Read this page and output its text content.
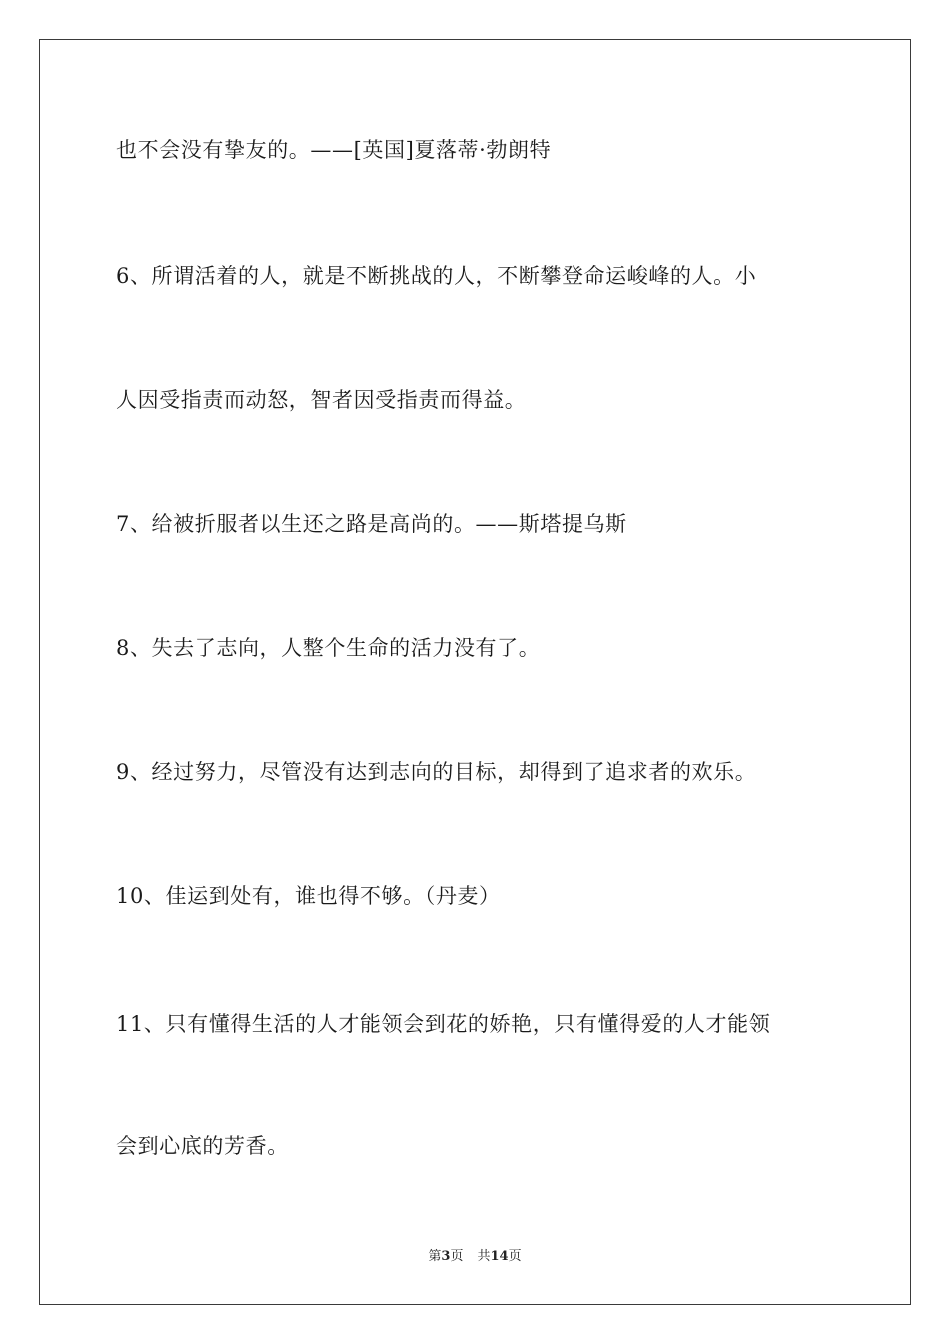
也不会没有挚友的。——[英国]夏落蒂·勃朗特
6、所谓活着的人，就是不断挑战的人，不断攀登命运峻峰的人。小
人因受指责而动怒，智者因受指责而得益。
7、给被折服者以生还之路是高尚的。——斯塔提乌斯
8、失去了志向，人整个生命的活力没有了。
9、经过努力，尽管没有达到志向的目标，却得到了追求者的欢乐。
10、佳运到处有，谁也得不够。（丹麦）
11、只有懂得生活的人才能领会到花的娇艳，只有懂得爱的人才能领
会到心底的芳香。
第3页 共14页
